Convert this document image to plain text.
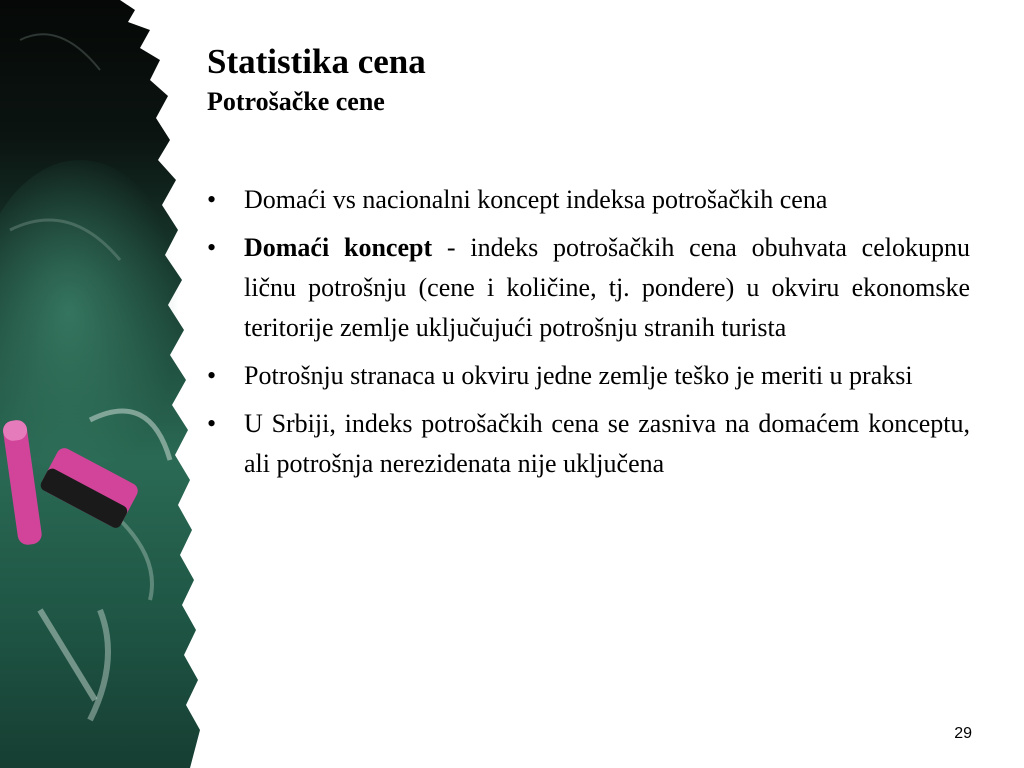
Statistika cena
Potrošačke cene
•	Domaći vs nacionalni koncept indeksa potrošačkih cena
•	Domaći koncept - indeks potrošačkih cena obuhvata celokupnu ličnu potrošnju (cene i količine, tj. pondere) u okviru ekonomske teritorije zemlje uključujući potrošnju stranih turista
•	Potrošnju stranaca u okviru jedne zemlje teško je meriti u praksi
•	U Srbiji, indeks potrošačkih cena se zasniva na domaćem konceptu, ali potrošnja nerezidenata nije uključena
29
